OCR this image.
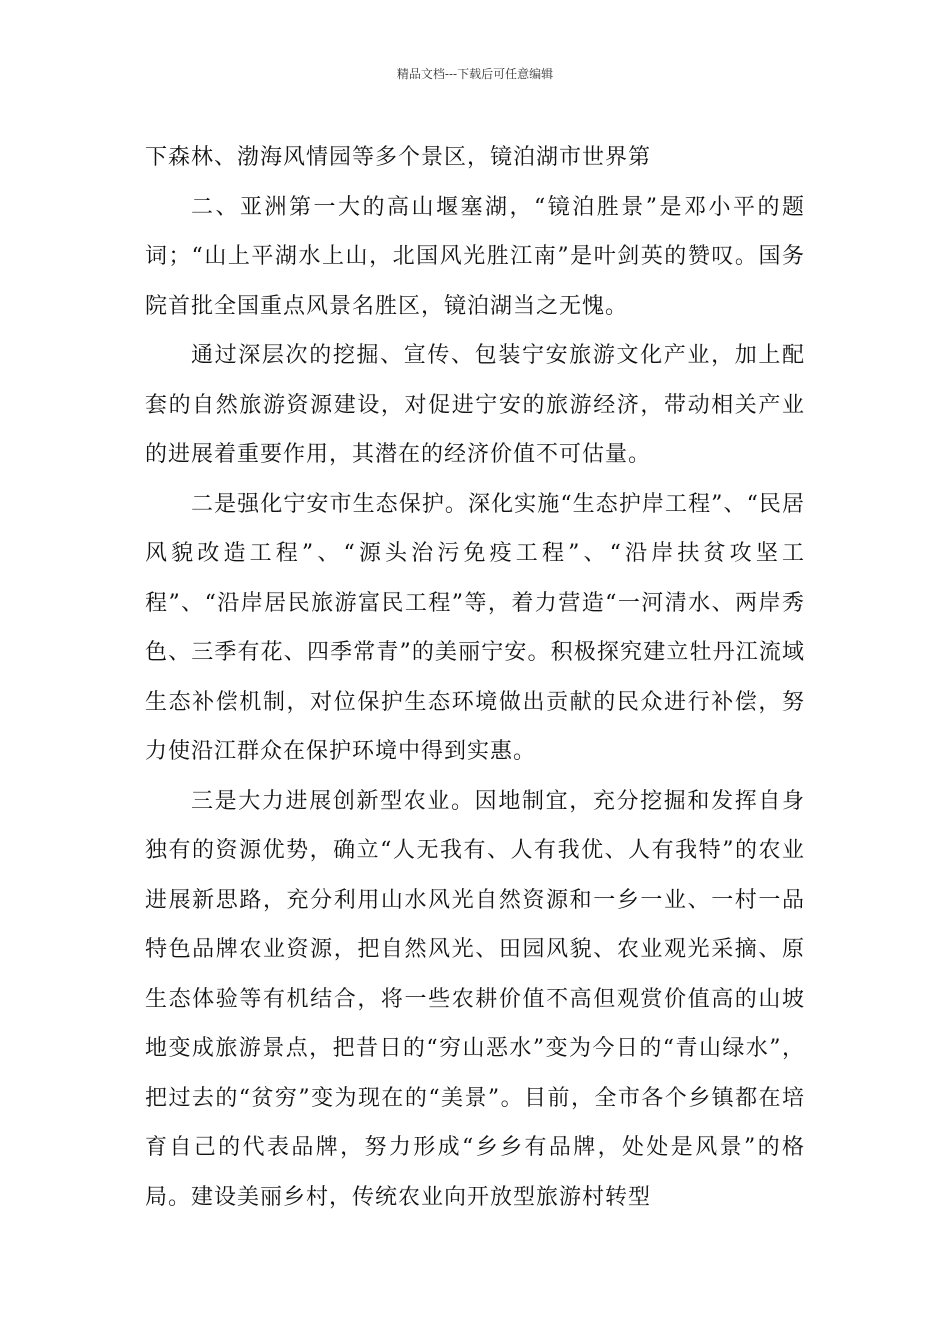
精品文档---下载后可任意编辑

下森林、渤海风情园等多个景区，镜泊湖市世界第

二、亚洲第一大的高山堰塞湖，“镜泊胜景”是邓小平的题词；“山上平湖水上山，北国风光胜江南”是叶剑英的赞叹。国务院首批全国重点风景名胜区，镜泊湖当之无愧。

通过深层次的挖掘、宣传、包装宁安旅游文化产业，加上配套的自然旅游资源建设，对促进宁安的旅游经济，带动相关产业的进展着重要作用，其潜在的经济价值不可估量。

二是强化宁安市生态保护。深化实施“生态护岸工程”、“民居风貌改造工程”、“源头治污免疫工程”、“沿岸扶贫攻坚工程”、“沿岸居民旅游富民工程”等，着力营造“一河清水、两岸秀色、三季有花、四季常青”的美丽宁安。积极探究建立牡丹江流域生态补偿机制，对位保护生态环境做出贡献的民众进行补偿，努力使沿江群众在保护环境中得到实惠。

三是大力进展创新型农业。因地制宜，充分挖掘和发挥自身独有的资源优势，确立“人无我有、人有我优、人有我特”的农业进展新思路，充分利用山水风光自然资源和一乡一业、一村一品特色品牌农业资源，把自然风光、田园风貌、农业观光采摘、原生态体验等有机结合，将一些农耕价值不高但观赏价值高的山坡地变成旅游景点，把昔日的“穷山恶水”变为今日的“青山绿水”，把过去的“贫穷”变为现在的“美景”。目前，全市各个乡镇都在培育自己的代表品牌，努力形成“乡乡有品牌，处处是风景”的格局。建设美丽乡村，传统农业向开放型旅游村转型
